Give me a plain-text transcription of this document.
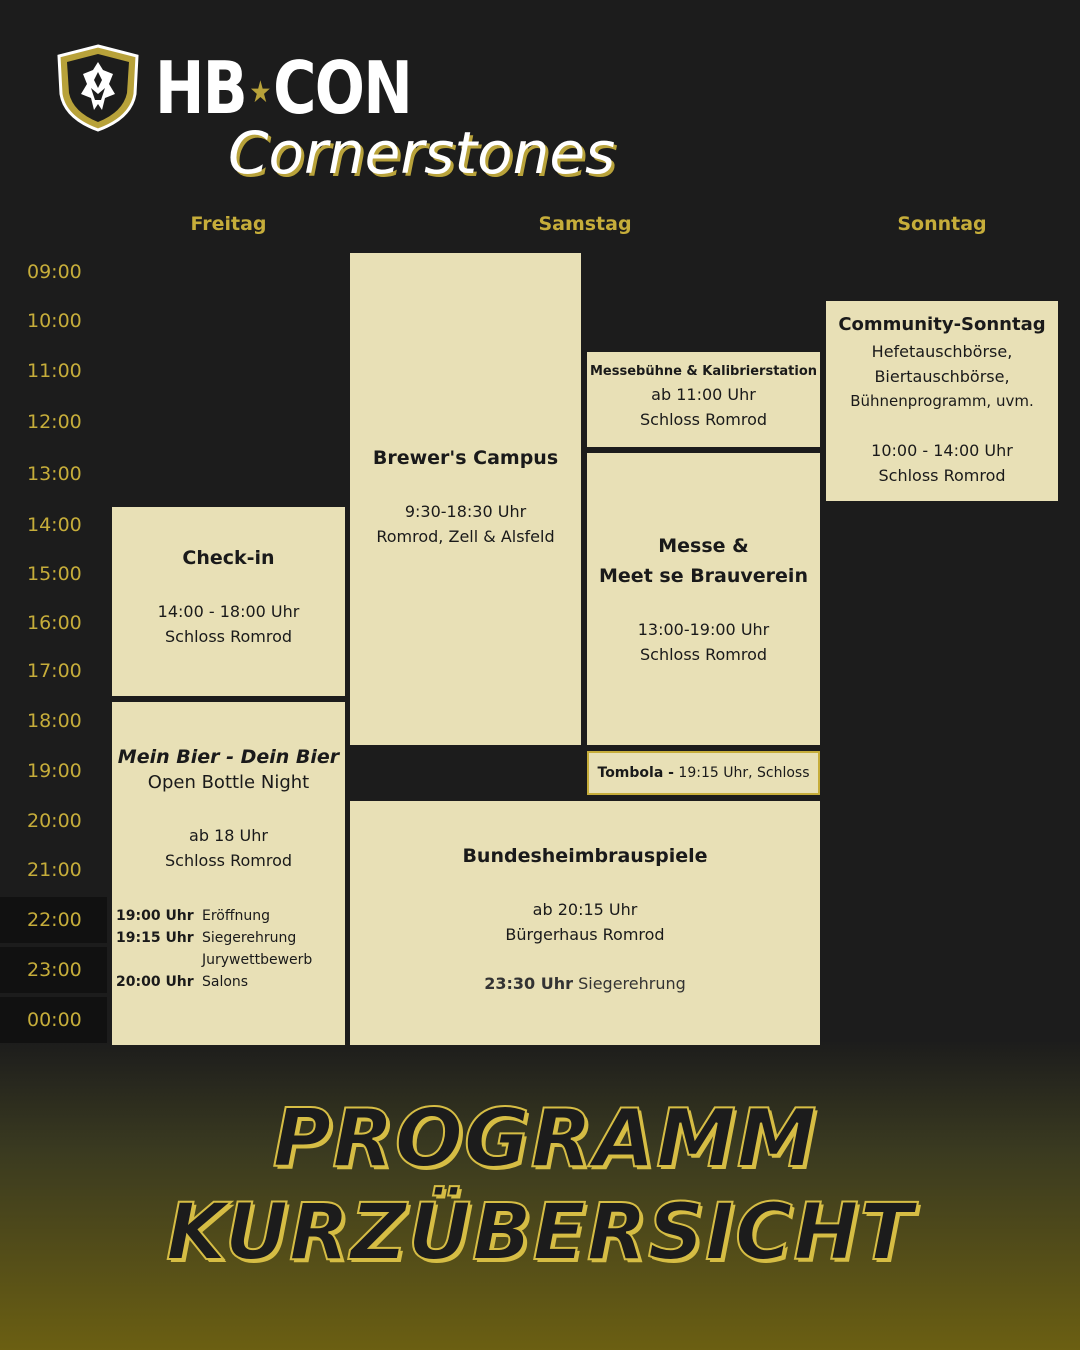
HB ★CON
Cornerstones
Freitag	Samstag	Sonntag
09:00
10:00
11:00
12:00
13:00
14:00
15:00
16:00
17:00
18:00
19:00
20:00
21:00
22:00
23:00
00:00
Check-in
14:00 - 18:00 Uhr
Schloss Romrod
Mein Bier - Dein Bier
Open Bottle Night
ab 18 Uhr
Schloss Romrod
19:00 Uhr Eröffnung
19:15 Uhr Siegerehrung
Jurywettbewerb
20:00 Uhr Salons
Brewer's Campus
9:30-18:30 Uhr
Romrod, Zell & Alsfeld
Messebühne & Kalibrierstation
ab 11:00 Uhr
Schloss Romrod
Messe &
Meet se Brauverein
13:00-19:00 Uhr
Schloss Romrod
Tombola - 19:15 Uhr, Schloss
Bundesheimbrauspiele
ab 20:15 Uhr
Bürgerhaus Romrod
23:30 Uhr Siegerehrung
Community-Sonntag
Hefetauschbörse,
Biertauschbörse,
Bühnenprogramm, uvm.
10:00 - 14:00 Uhr
Schloss Romrod
PROGRAMM
KURZÜBERSICHT
